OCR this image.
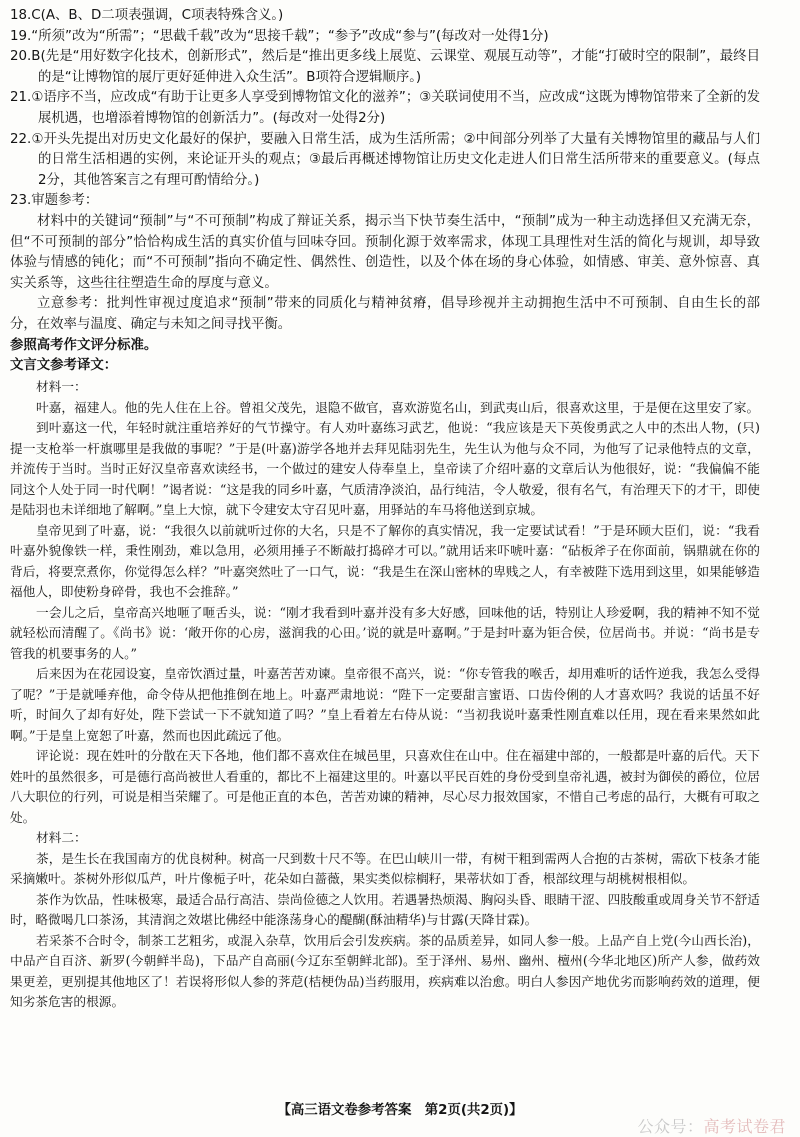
18.C(A、B、D二项表强调，C项表特殊含义。)

19.“所须”改为“所需”；“思截千载”改为“思接千载”；“参予”改成“参与”(每改对一处得1分)

20.B(先是“用好数字化技术，创新形式”，然后是“推出更多线上展览、云课堂、观展互动等”，才能“打破时空的限制”，最终目的是“让博物馆的展厅更好延伸进入众生活”。B项符合逻辑顺序。)

21.①语序不当，应改成“有助于让更多人享受到博物馆文化的滋养”；③关联词使用不当，应改成“这既为博物馆带来了全新的发展机遇，也增添着博物馆的创新活力”。(每改对一处得2分)

22.①开头先提出对历史文化最好的保护，要融入日常生活，成为生活所需；②中间部分列举了大量有关博物馆里的藏品与人们的日常生活相遇的实例，来论证开头的观点；③最后再概述博物馆让历史文化走进人们日常生活所带来的重要意义。(每点2分，其他答案言之有理可酌情给分。)

23.审题参考：

材料中的关键词“预制”与“不可预制”构成了辩证关系，揭示当下快节奏生活中，“预制”成为一种主动选择但又充满无奈，但“不可预制的部分”恰恰构成生活的真实价值与回味夺回。预制化源于效率需求，体现工具理性对生活的简化与规训，却导致体验与情感的钝化；而“不可预制”指向不确定性、偶然性、创造性，以及个体在场的身心体验，如情感、审美、意外惊喜、真实关系等，这些往往塑造生命的厚度与意义。

立意参考：批判性审视过度追求“预制”带来的同质化与精神贫瘠，倡导珍视并主动拥抱生活中不可预制、自由生长的部分，在效率与温度、确定与未知之间寻找平衡。

参照高考作文评分标准。

文言文参考译文：

材料一：

叶嘉，福建人。他的先人住在上谷。曾祖父茂先，退隐不做官，喜欢游览名山，到武夷山后，很喜欢这里，于是便在这里安了家。

到叶嘉这一代，年轻时就注重培养好的气节操守。有人劝叶嘉练习武艺，他说：“我应该是天下英俊勇武之人中的杰出人物，(只)提一支枪举一杆旗哪里是我做的事呢？”于是(叶嘉)游学各地并去拜见陆羽先生，先生认为他与众不同，为他写了记录他特点的文章，并流传于当时。当时正好汉皇帝喜欢读经书，一个做过的建安人侍奉皇上，皇帝读了介绍叶嘉的文章后认为他很好，说：“我偏偏不能同这个人处于同一时代啊！”谒者说：“这是我的同乡叶嘉，气质清净淡泊，品行纯洁，令人敬爱，很有名气，有治理天下的才干，即使是陆羽也未详细地了解啊。”皇上大惊，就下令建安太守召见叶嘉，用驿站的车马将他送到京城。

皇帝见到了叶嘉，说：“我很久以前就听过你的大名，只是不了解你的真实情况，我一定要试试看！”于是环顾大臣们，说：“我看叶嘉外貌像铁一样，秉性刚劲，难以急用，必须用捶子不断敲打捣碎才可以。”就用话来吓唬叶嘉：“砧板斧子在你面前，锅鼎就在你的背后，将要烹煮你，你觉得怎么样？”叶嘉突然吐了一口气，说：“我是生在深山密林的卑贱之人，有幸被陛下选用到这里，如果能够造福他人，即使粉身碎骨，我也不会推辞。”

一会儿之后，皇帝高兴地咂了咂舌头，说：“刚才我看到叶嘉并没有多大好感，回味他的话，特别让人珍爱啊，我的精神不知不觉就轻松而清醒了。《尚书》说：‘敞开你的心房，滋润我的心田。’说的就是叶嘉啊。”于是封叶嘉为钜合侯，位居尚书。并说：“尚书是专管我的机要事务的人。”

后来因为在花园设宴，皇帝饮酒过量，叶嘉苦苦劝谏。皇帝很不高兴，说：“你专管我的喉舌，却用难听的话忤逆我，我怎么受得了呢？”于是就唾弃他，命令侍从把他推倒在地上。叶嘉严肃地说：“陛下一定要甜言蜜语、口齿伶俐的人才喜欢吗？我说的话虽不好听，时间久了却有好处，陛下尝试一下不就知道了吗？”皇上看着左右侍从说：“当初我说叶嘉秉性刚直难以任用，现在看来果然如此啊。”于是皇上宽恕了叶嘉，然而也因此疏远了他。

评论说：现在姓叶的分散在天下各地，他们都不喜欢住在城邑里，只喜欢住在山中。住在福建中部的，一般都是叶嘉的后代。天下姓叶的虽然很多，可是德行高尚被世人看重的，都比不上福建这里的。叶嘉以平民百姓的身份受到皇帝礼遇，被封为御侯的爵位，位居八大职位的行列，可说是相当荣耀了。可是他正直的本色，苦苦劝谏的精神，尽心尽力报效国家，不惜自己考虑的品行，大概有可取之处。

材料二：

茶，是生长在我国南方的优良树种。树高一尺到数十尺不等。在巴山峡川一带，有树干粗到需两人合抱的古茶树，需砍下枝条才能采摘嫩叶。茶树外形似瓜芦，叶片像栀子叶，花朵如白蔷薇，果实类似棕榈籽，果蒂状如丁香，根部纹理与胡桃树根相似。

茶作为饮品，性味极寒，最适合品行高洁、崇尚俭德之人饮用。若遇暑热烦渴、胸闷头昏、眼睛干涩、四肢酸重或周身关节不舒适时，略微喝几口茶汤，其清润之效堪比佛经中能涤荡身心的醍醐(酥油精华)与甘露(天降甘霖)。

若采茶不合时令，制茶工艺粗劣，或混入杂草，饮用后会引发疾病。茶的品质差异，如同人参一般。上品产自上党(今山西长治)，中品产自百济、新罗(今朝鲜半岛)，下品产自高丽(今辽东至朝鲜北部)。至于泽州、易州、幽州、檀州(今华北地区)所产人参，做药效果更差，更别提其他地区了！若误将形似人参的荠苨(桔梗伪品)当药服用，疾病难以治愈。明白人参因产地优劣而影响药效的道理，便知劣茶危害的根源。

【高三语文卷参考答案　第2页(共2页)】
公众号：高考试卷君
